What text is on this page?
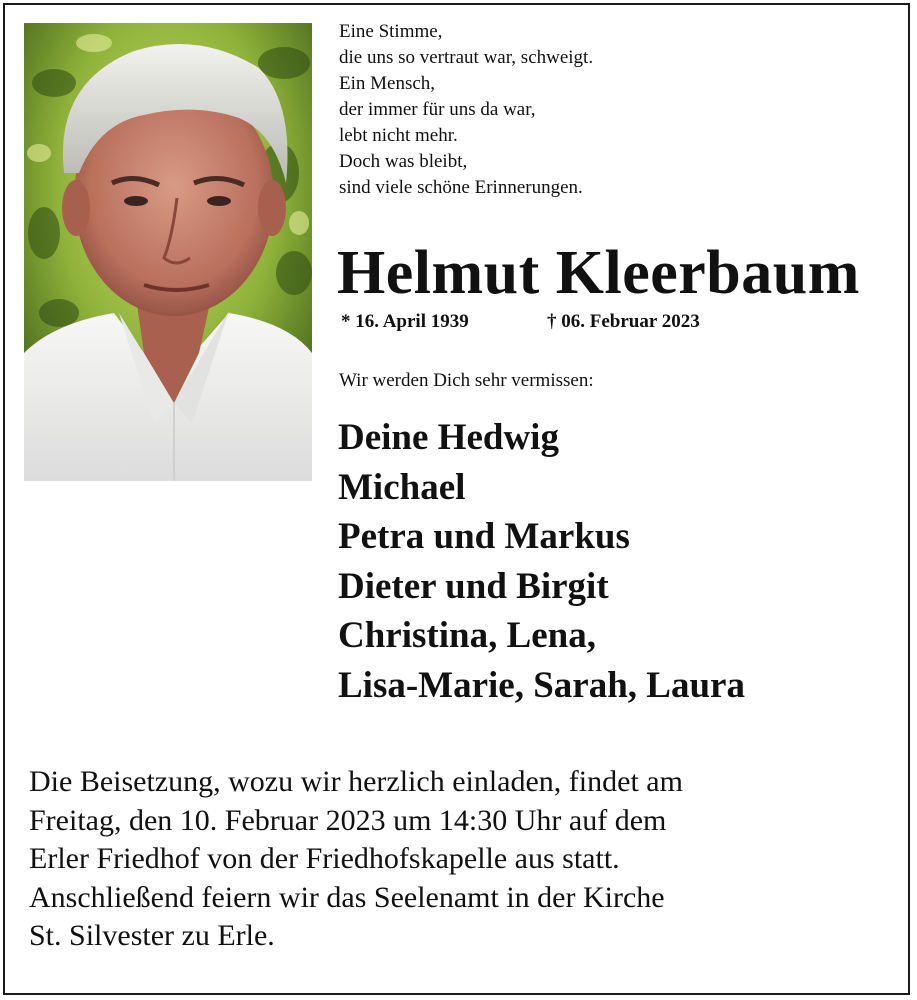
Eine Stimme,
die uns so vertraut war, schweigt.
Ein Mensch,
der immer für uns da war,
lebt nicht mehr.
Doch was bleibt,
sind viele schöne Erinnerungen.
Helmut Kleerbaum
* 16. April 1939	† 06. Februar 2023
Wir werden Dich sehr vermissen:
Deine Hedwig
Michael
Petra und Markus
Dieter und Birgit
Christina, Lena,
Lisa-Marie, Sarah, Laura
Die Beisetzung, wozu wir herzlich einladen, findet am
Freitag, den 10. Februar 2023 um 14:30 Uhr auf dem
Erler Friedhof von der Friedhofskapelle aus statt.
Anschließend feiern wir das Seelenamt in der Kirche
St. Silvester zu Erle.
